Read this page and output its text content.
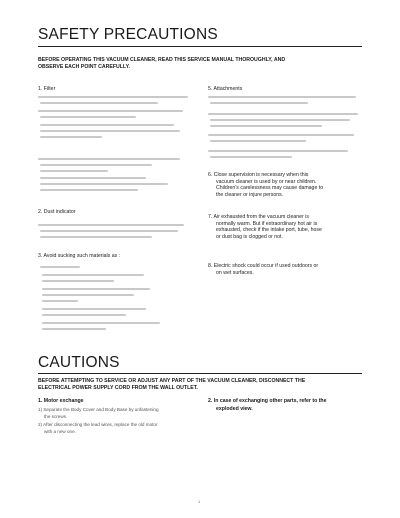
SAFETY PRECAUTIONS
BEFORE OPERATING THIS VACUUM CLEANER, READ THIS SERVICE MANUAL THOROUGHLY, AND
OBSERVE EACH POINT CAREFULLY.
1. Filter
2. Dust indicator
3. Avoid sucking such materials as :
5. Attachments
6. Close supervision is necessary when this
vacuum cleaner is used by or near children.
Children's carelessness may cause damage to
the cleaner or injure persons.
7. Air exhausted from the vacuum cleaner is
normally warm. But if extraordinary hot air is
exhausted, check if the intake port, tube, hose
or dust bag is clogged or not.
8. Electric shock could occur if used outdoors or
on wet surfaces.
CAUTIONS
BEFORE ATTEMPTING TO SERVICE OR ADJUST ANY PART OF THE VACUUM CLEANER, DISCONNECT THE
ELECTRICAL POWER SUPPLY CORD FROM THE WALL OUTLET.
1. Motor exchange
1) Separate the Body Cover and Body Base by unfastening
the screws.
2) After disconnecting the lead wires, replace the old motor
with a new one.
2. In case of exchanging other parts, refer to the
exploded view.
1
